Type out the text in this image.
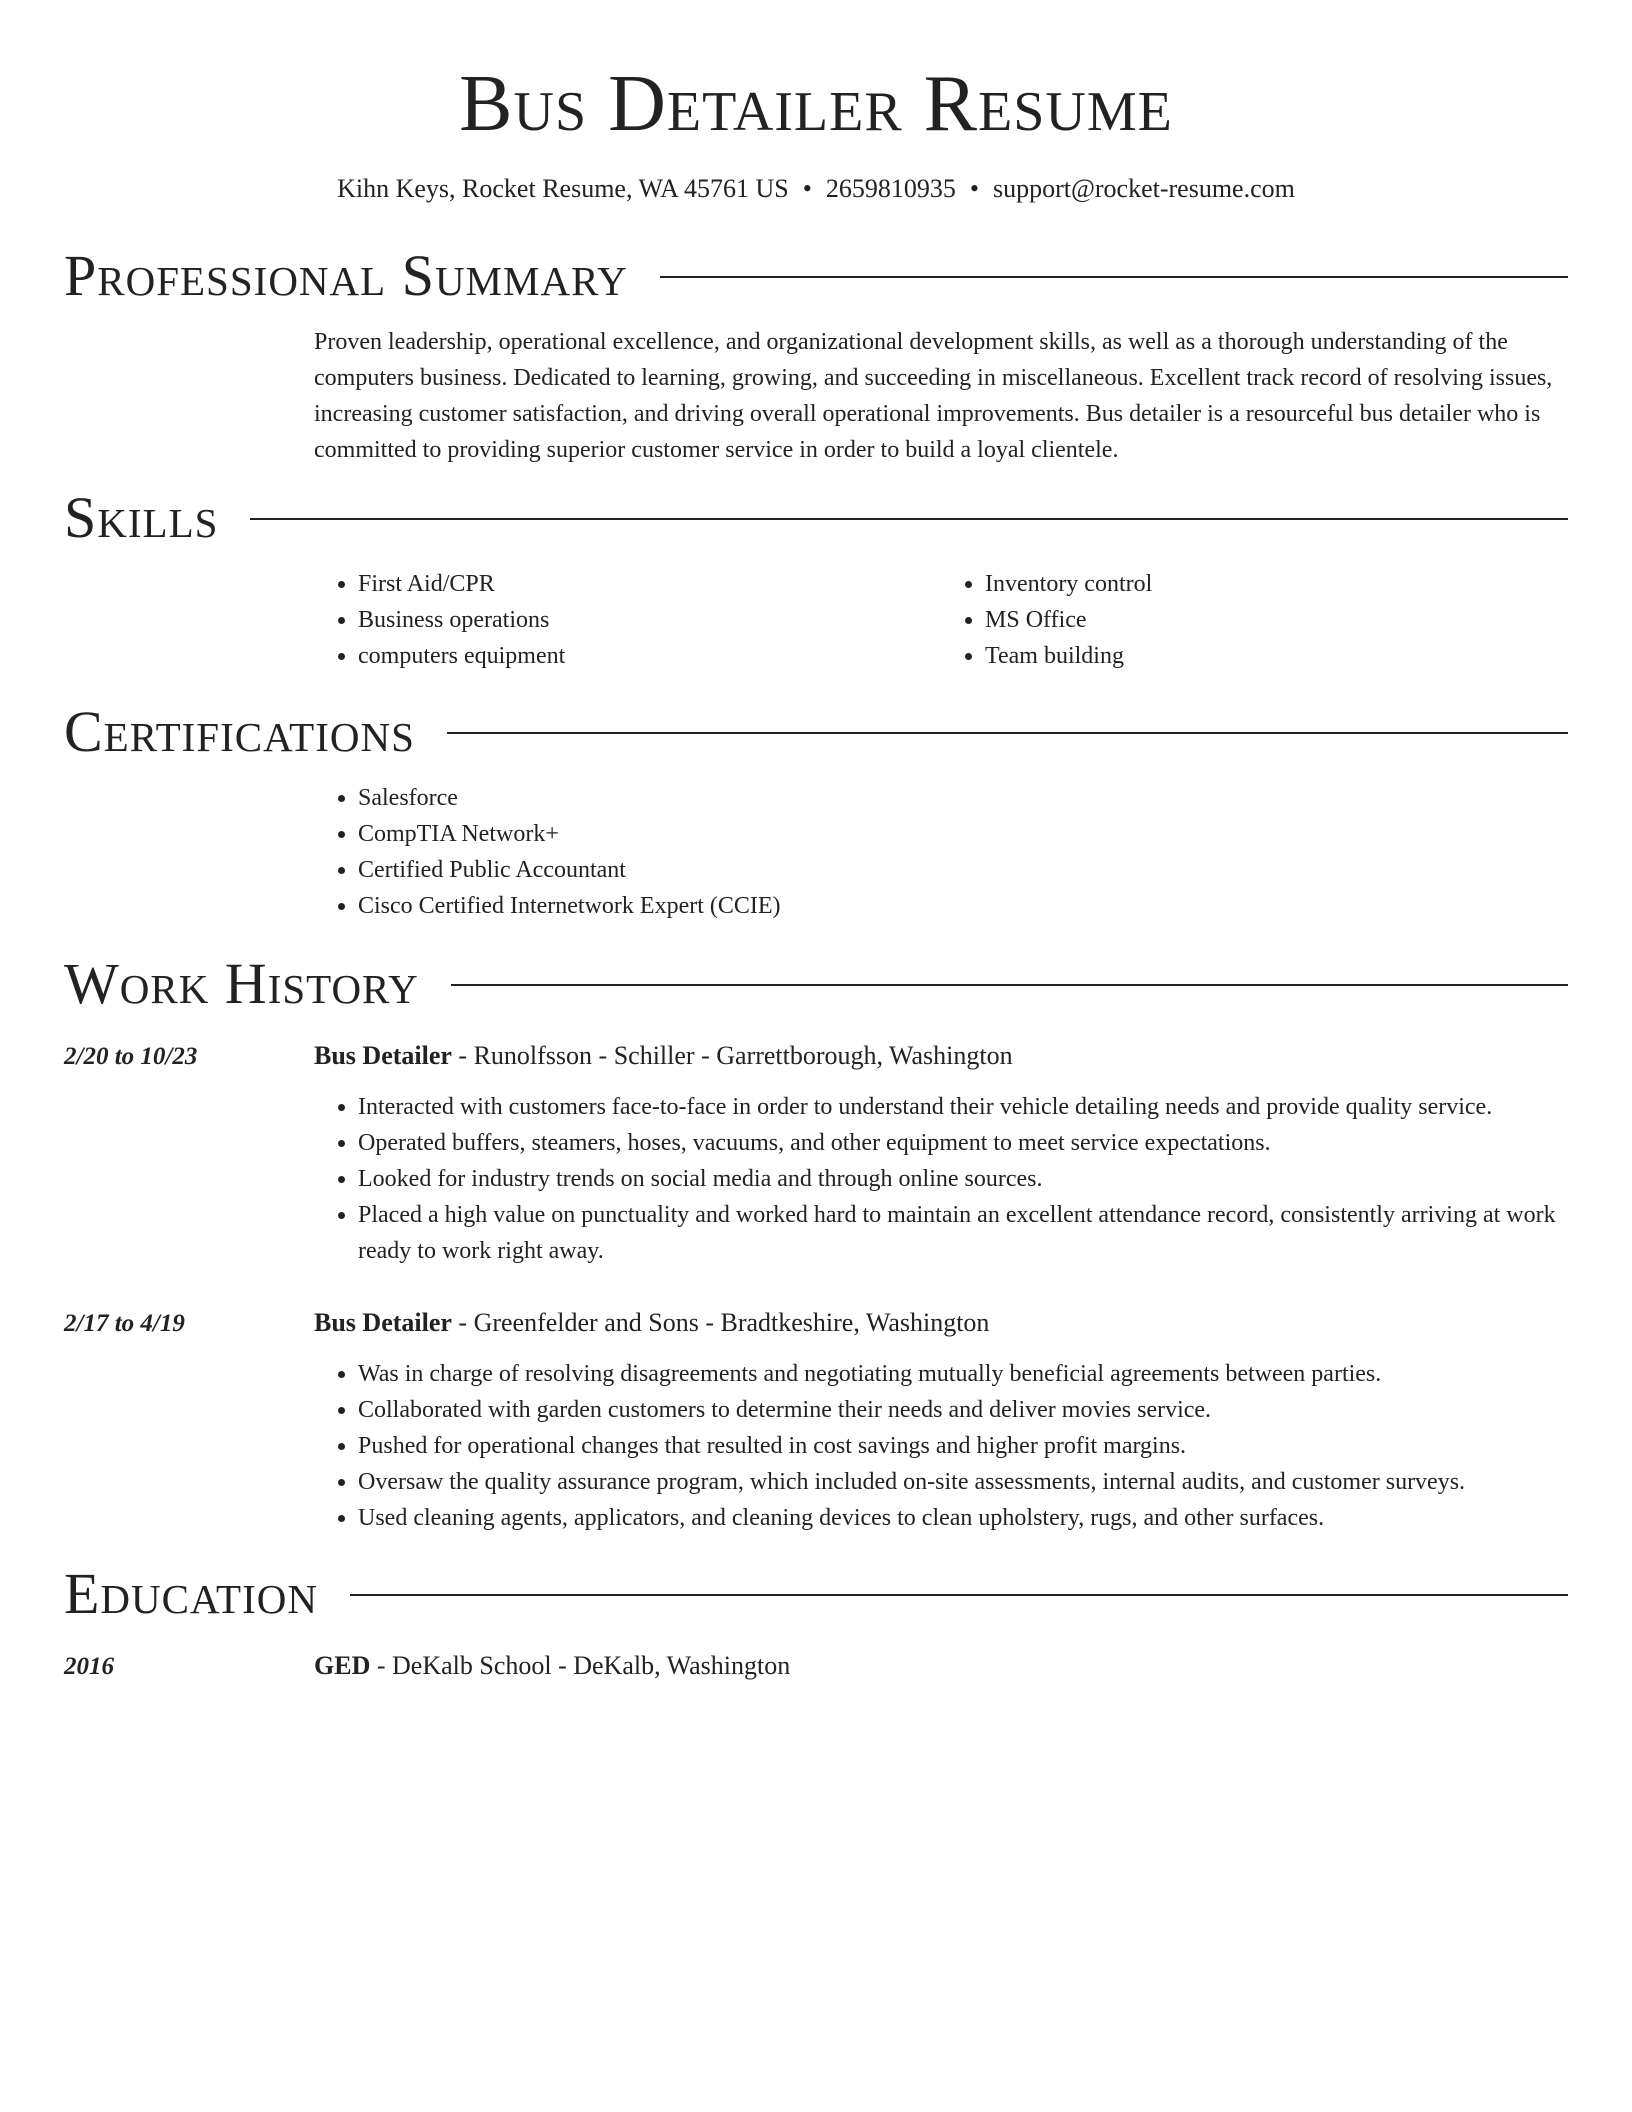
Bus Detailer Resume
Kihn Keys, Rocket Resume, WA 45761 US • 2659810935 • support@rocket-resume.com
Professional Summary

Proven leadership, operational excellence, and organizational development skills, as well as a thorough understanding of the computers business. Dedicated to learning, growing, and succeeding in miscellaneous. Excellent track record of resolving issues, increasing customer satisfaction, and driving overall operational improvements. Bus detailer is a resourceful bus detailer who is committed to providing superior customer service in order to build a loyal clientele.

Skills
• First Aid/CPR
• Business operations
• computers equipment
• Inventory control
• MS Office
• Team building
Certifications
• Salesforce
• CompTIA Network+
• Certified Public Accountant
• Cisco Certified Internetwork Expert (CCIE)
Work History
2/20 to 10/23	Bus Detailer - Runolfsson - Schiller - Garrettborough, Washington
• Interacted with customers face-to-face in order to understand their vehicle detailing needs and provide quality service.
• Operated buffers, steamers, hoses, vacuums, and other equipment to meet service expectations.
• Looked for industry trends on social media and through online sources.
• Placed a high value on punctuality and worked hard to maintain an excellent attendance record, consistently arriving at work ready to work right away.
2/17 to 4/19	Bus Detailer - Greenfelder and Sons - Bradtkeshire, Washington
• Was in charge of resolving disagreements and negotiating mutually beneficial agreements between parties.
• Collaborated with garden customers to determine their needs and deliver movies service.
• Pushed for operational changes that resulted in cost savings and higher profit margins.
• Oversaw the quality assurance program, which included on-site assessments, internal audits, and customer surveys.
• Used cleaning agents, applicators, and cleaning devices to clean upholstery, rugs, and other surfaces.
Education
2016	GED - DeKalb School - DeKalb, Washington
